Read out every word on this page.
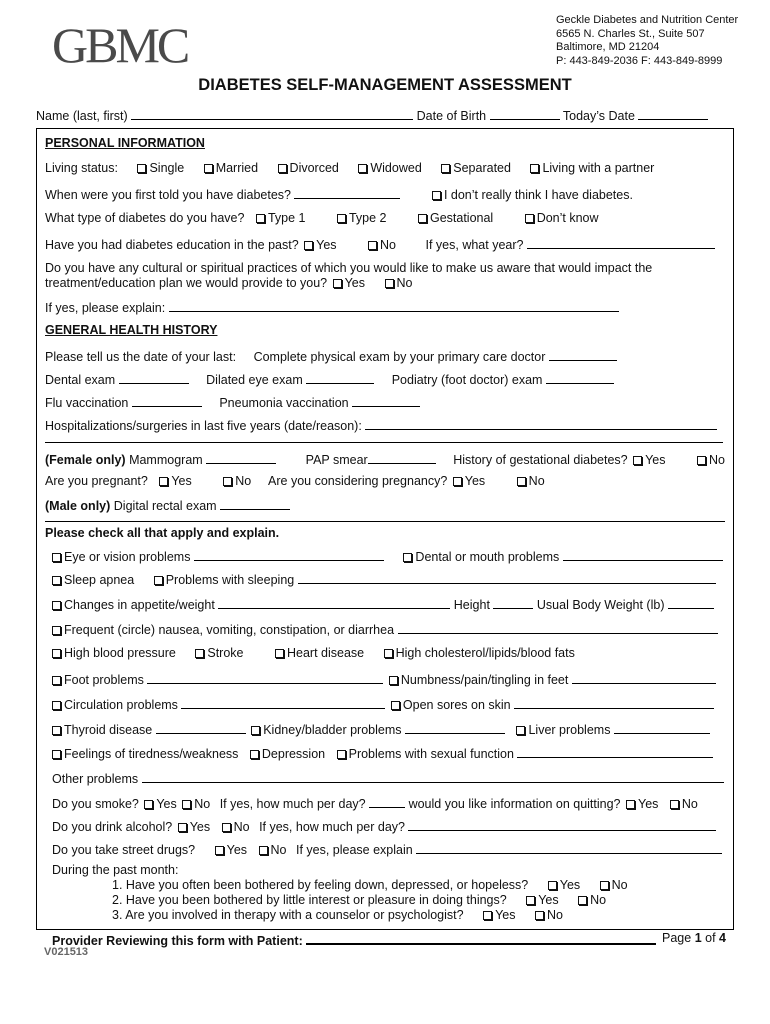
GBMC	Geckle Diabetes and Nutrition Center
6565 N. Charles St., Suite 507
Baltimore, MD 21204
P: 443-849-2036 F: 443-849-8999
DIABETES SELF-MANAGEMENT ASSESSMENT
Name (last, first)	Date of Birth	Today’s Date
PERSONAL INFORMATION
Living status:	Single	Married	Divorced	Widowed	Separated	Living with a partner
When were you first told you have diabetes?	I don’t really think I have diabetes.
What type of diabetes do you have? Type 1	Type 2	Gestational	Don’t know
Have you had diabetes education in the past? Yes	No If yes, what year?
Do you have any cultural or spiritual practices of which you would like to make us aware that would impact the
treatment/education plan we would provide to you? Yes	No
If yes, please explain:
GENERAL HEALTH HISTORY
Please tell us the date of your last: Complete physical exam by your primary care doctor
Dental exam	Dilated eye exam	Podiatry (foot doctor) exam
Flu vaccination	Pneumonia vaccination
Hospitalizations/surgeries in last five years (date/reason):
(Female only) Mammogram	PAP smear	History of gestational diabetes? Yes	No
Are you pregnant? Yes	No Are you considering pregnancy? Yes	No
(Male only) Digital rectal exam
Please check all that apply and explain.
Eye or vision problems	Dental or mouth problems
Sleep apnea	Problems with sleeping
Changes in appetite/weight	Height	Usual Body Weight (lb)
Frequent (circle) nausea, vomiting, constipation, or diarrhea
High blood pressure	Stroke	Heart disease	High cholesterol/lipids/blood fats
Foot problems	Numbness/pain/tingling in feet
Circulation problems	Open sores on skin
Thyroid disease	Kidney/bladder problems	Liver problems
Feelings of tiredness/weakness Depression Problems with sexual function
Other problems
Do you smoke? Yes No If yes, how much per day?	would you like information on quitting? Yes No
Do you drink alcohol? Yes No If yes, how much per day?
Do you take street drugs?	Yes No If yes, please explain
During the past month:
1. Have you often been bothered by feeling down, depressed, or hopeless?	Yes	No
2. Have you been bothered by little interest or pleasure in doing things?	Yes	No
3. Are you involved in therapy with a counselor or psychologist?	Yes	No
Provider Reviewing this form with Patient:	Page 1 of 4
V021513
